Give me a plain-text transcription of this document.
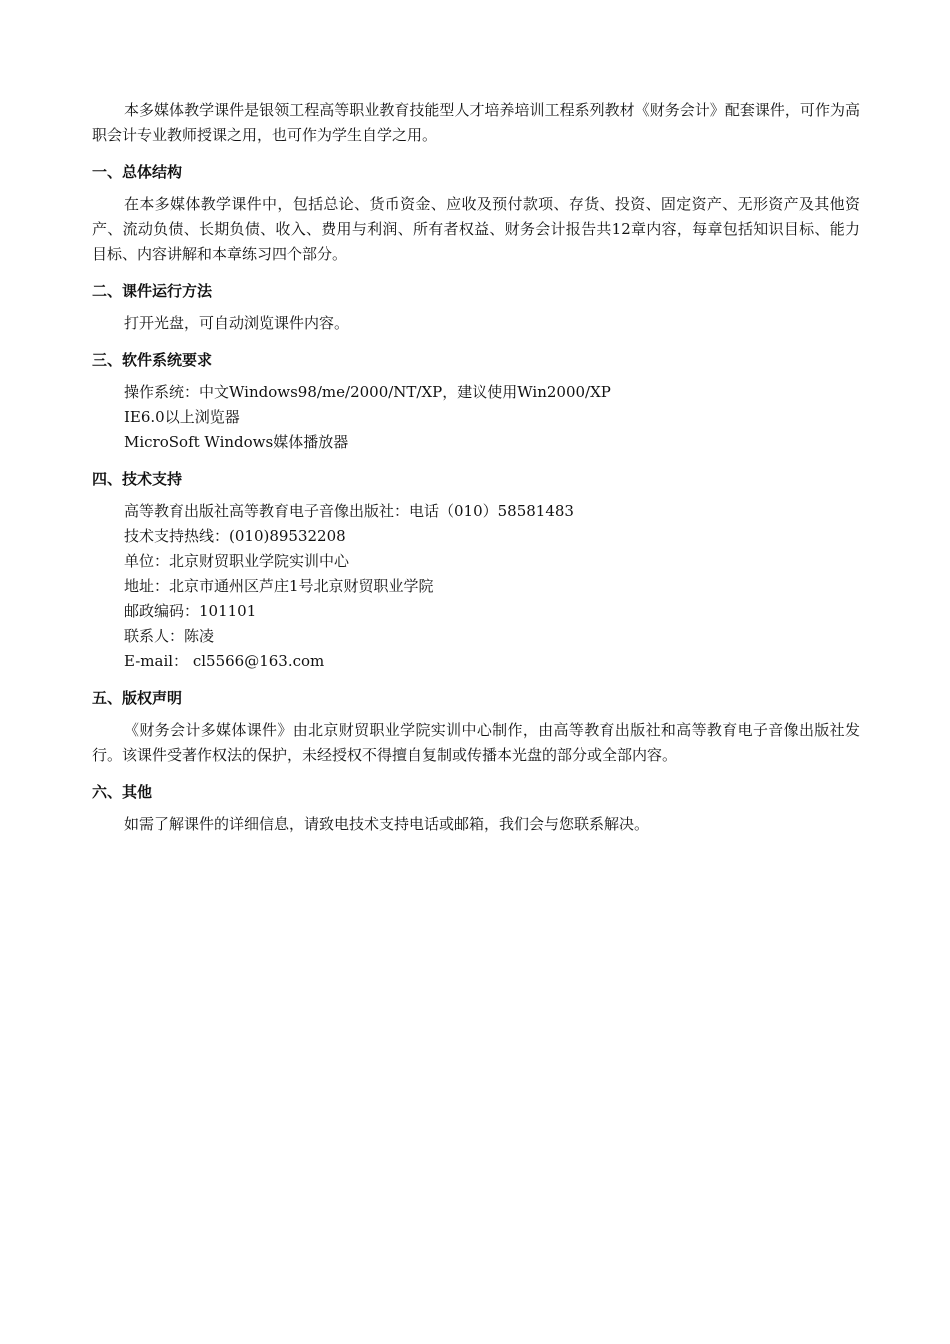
本多媒体教学课件是银领工程高等职业教育技能型人才培养培训工程系列教材《财务会计》配套课件，可作为高职会计专业教师授课之用，也可作为学生自学之用。

一、总体结构

在本多媒体教学课件中，包括总论、货币资金、应收及预付款项、存货、投资、固定资产、无形资产及其他资产、流动负债、长期负债、收入、费用与利润、所有者权益、财务会计报告共12章内容，每章包括知识目标、能力目标、内容讲解和本章练习四个部分。

二、课件运行方法

打开光盘，可自动浏览课件内容。

三、软件系统要求
操作系统：中文Windows98/me/2000/NT/XP，建议使用Win2000/XP
IE6.0以上浏览器
MicroSoft Windows媒体播放器
四、技术支持
高等教育出版社高等教育电子音像出版社：电话（010）58581483
技术支持热线：(010)89532208
单位：北京财贸职业学院实训中心
地址：北京市通州区芦庄1号北京财贸职业学院
邮政编码：101101
联系人：陈凌
E-mail： cl5566@163.com
五、版权声明

《财务会计多媒体课件》由北京财贸职业学院实训中心制作，由高等教育出版社和高等教育电子音像出版社发行。该课件受著作权法的保护，未经授权不得擅自复制或传播本光盘的部分或全部内容。

六、其他

如需了解课件的详细信息，请致电技术支持电话或邮箱，我们会与您联系解决。
